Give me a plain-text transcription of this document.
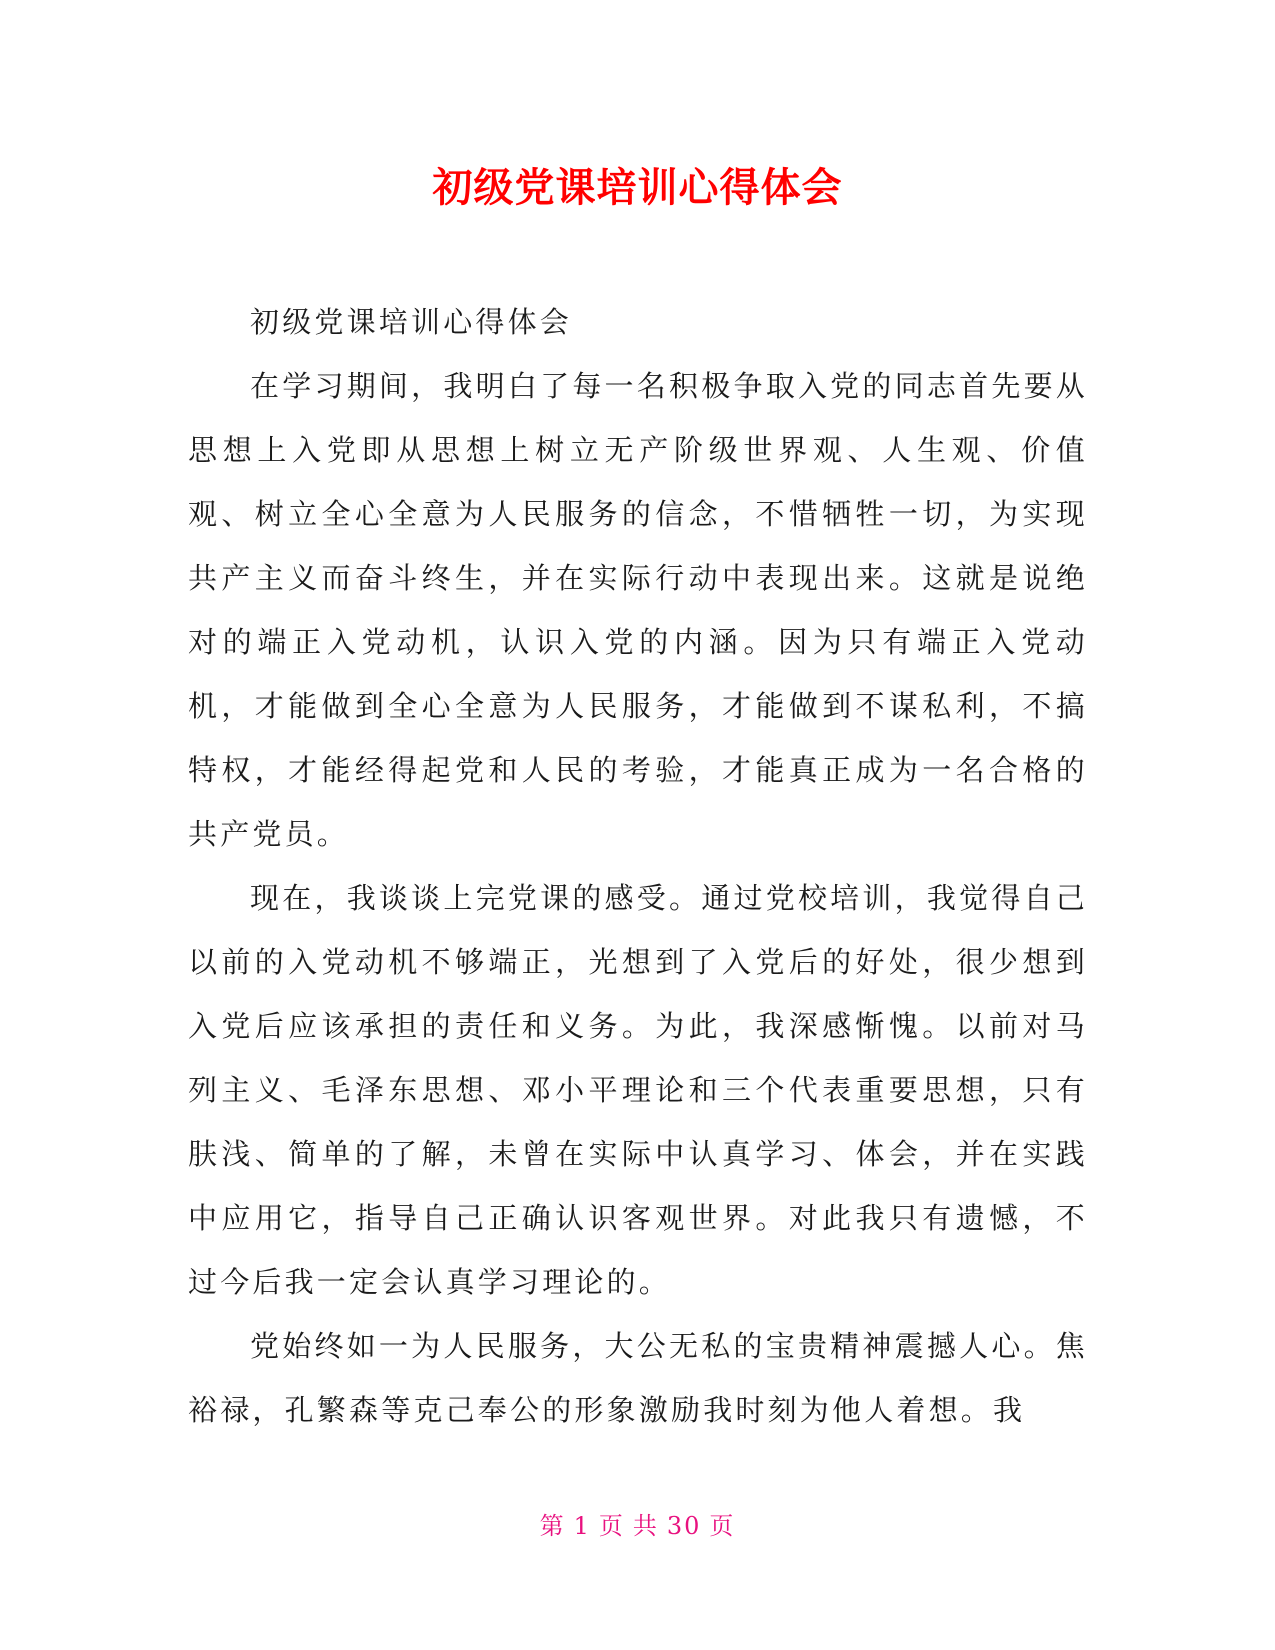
初级党课培训心得体会

初级党课培训心得体会

在学习期间，我明白了每一名积极争取入党的同志首先要从思想上入党即从思想上树立无产阶级世界观、人生观、价值观、树立全心全意为人民服务的信念，不惜牺牲一切，为实现共产主义而奋斗终生，并在实际行动中表现出来。这就是说绝对的端正入党动机，认识入党的内涵。因为只有端正入党动机，才能做到全心全意为人民服务，才能做到不谋私利，不搞特权，才能经得起党和人民的考验，才能真正成为一名合格的共产党员。

现在，我谈谈上完党课的感受。通过党校培训，我觉得自己以前的入党动机不够端正，光想到了入党后的好处，很少想到入党后应该承担的责任和义务。为此，我深感惭愧。以前对马列主义、毛泽东思想、邓小平理论和三个代表重要思想，只有肤浅、简单的了解，未曾在实际中认真学习、体会，并在实践中应用它，指导自己正确认识客观世界。对此我只有遗憾，不过今后我一定会认真学习理论的。

党始终如一为人民服务，大公无私的宝贵精神震撼人心。焦裕禄，孔繁森等克己奉公的形象激励我时刻为他人着想。我

第 1 页 共 30 页
